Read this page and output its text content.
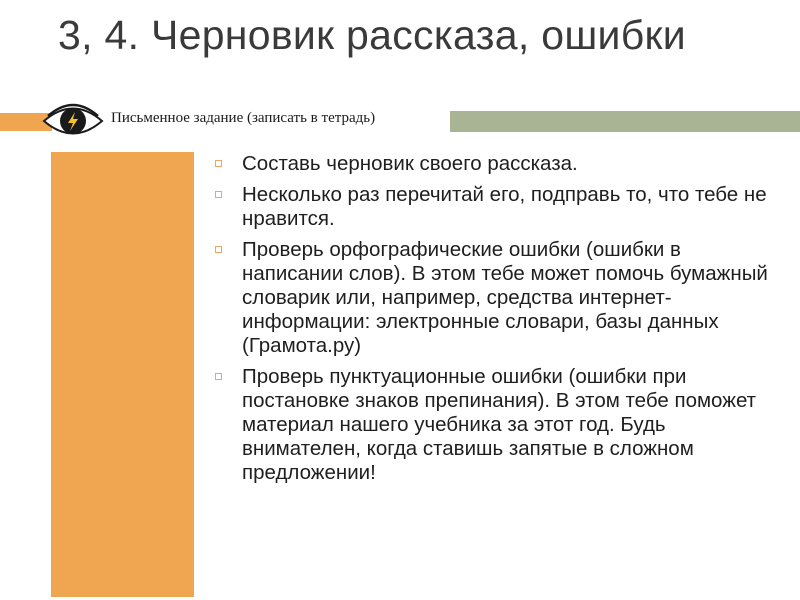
3, 4. Черновик рассказа, ошибки
Письменное задание (записать в тетрадь)
Составь черновик своего рассказа.
Несколько раз перечитай его, подправь то, что тебе не нравится.
Проверь орфографические ошибки (ошибки в написании слов). В этом тебе может помочь бумажный словарик или, например, средства интернет-информации: электронные словари, базы данных (Грамота.ру)
Проверь пунктуационные ошибки (ошибки при постановке знаков препинания). В этом тебе поможет материал нашего учебника за этот год. Будь внимателен, когда ставишь запятые в сложном предложении!
